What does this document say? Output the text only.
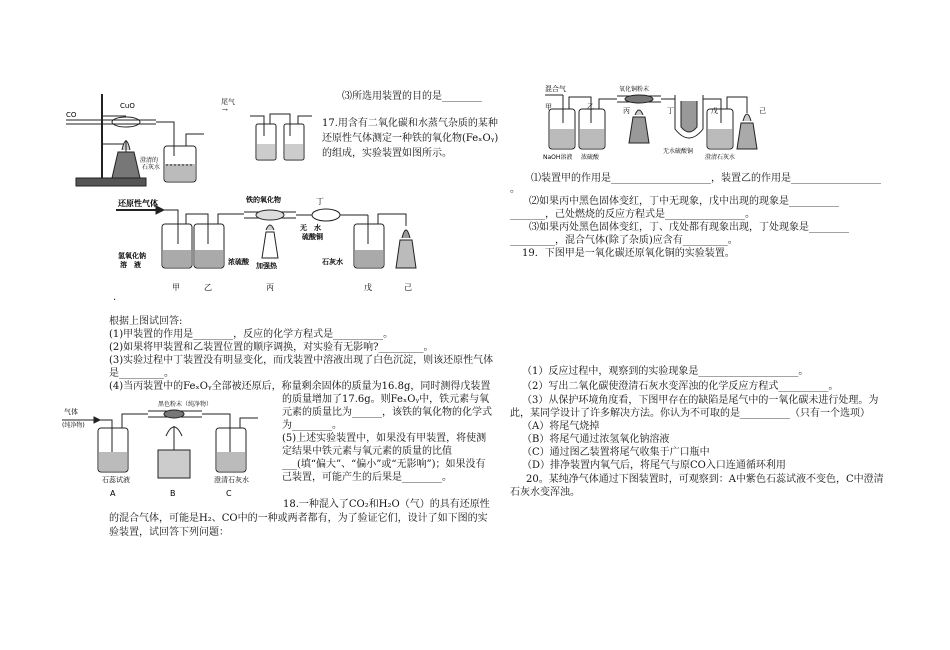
CO
CuO
澄清的
石灰水
尾气
→
⑶所选用装置的目的是________
17.用含有二氧化碳和水蒸气杂质的某种还原性气体测定一种铁的氧化物(FeₓOᵧ)的组成，实验装置如图所示。
还原性气体	铁的氧化物	丁
无　水
硫酸铜
氢氧化钠
溶　液	浓硫酸 加强热	石灰水
甲	乙	丙	戊	己
.
根据上图试回答:
(1)甲装置的作用是________，反应的化学方程式是__________。
(2)如果将甲装置和乙装置位置的顺序调换，对实验有无影响?_________。
(3)实验过程中丁装置没有明显变化，而戊装置中溶液出现了白色沉淀，则该还原性气体
是_________。
(4)当丙装置中的FeₓOᵧ全部被还原后，称量剩余固体的质量为16.8g，同时测得戊装置
的质量增加了17.6g。则FeₓOᵧ中，铁元素与氧元素的质量比为______，该铁的氧化物的化学式为________。
(5)上述实验装置中，如果没有甲装置，将使测定结果中铁元素与氧元素的质量的比值___(填“偏大”、“偏小”或“无影响”)；如果没有己装置，可能产生的后果是________。
气体
(纯净物)
黑色粉末（纯净物）
石蕊试液	澄清石灰水
A	B	C
18.一种混入了CO₂和H₂O（气）的具有还原性的混合气体，可能是H₂、CO中的一种或两者都有，为了验证它们，设计了如下图的实验装置，试回答下列问题：
混合气	氧化铜粉末
NaOH溶液 浓硫酸
无水硫酸铜
澄清石灰水
甲	乙	丙	丁	戊	己
⑴装置甲的作用是____________________，装置乙的作用是__________________
。
⑵如果丙中黑色固体变红，丁中无现象，戊中出现的现象是__________
_______，己处燃烧的反应方程式是________________。
⑶如果丙处黑色固体变红，丁、戊处都有现象出现，丁处现象是________
_________，混合气体(除了杂质)应含有_________。
19．下图甲是一氧化碳还原氧化铜的实验装置。
（1）反应过程中，观察到的实验现象是____________________。
（2）写出二氧化碳使澄清石灰水变浑浊的化学反应方程式__________。
（3）从保护环境角度看，下图甲存在的缺陷是尾气中的一氧化碳未进行处理。为此，某同学设计了许多解决方法。你认为不可取的是__________（只有一个选项）
（A）将尾气烧掉
（B）将尾气通过浓氢氧化钠溶液
（C）通过图乙装置将尾气收集于广口瓶中
（D）排净装置内氧气后，将尾气与原CO入口连通循环利用
20。某纯净气体通过下图装置时，可观察到：A中紫色石蕊试液不变色，C中澄清石灰水变浑浊。
